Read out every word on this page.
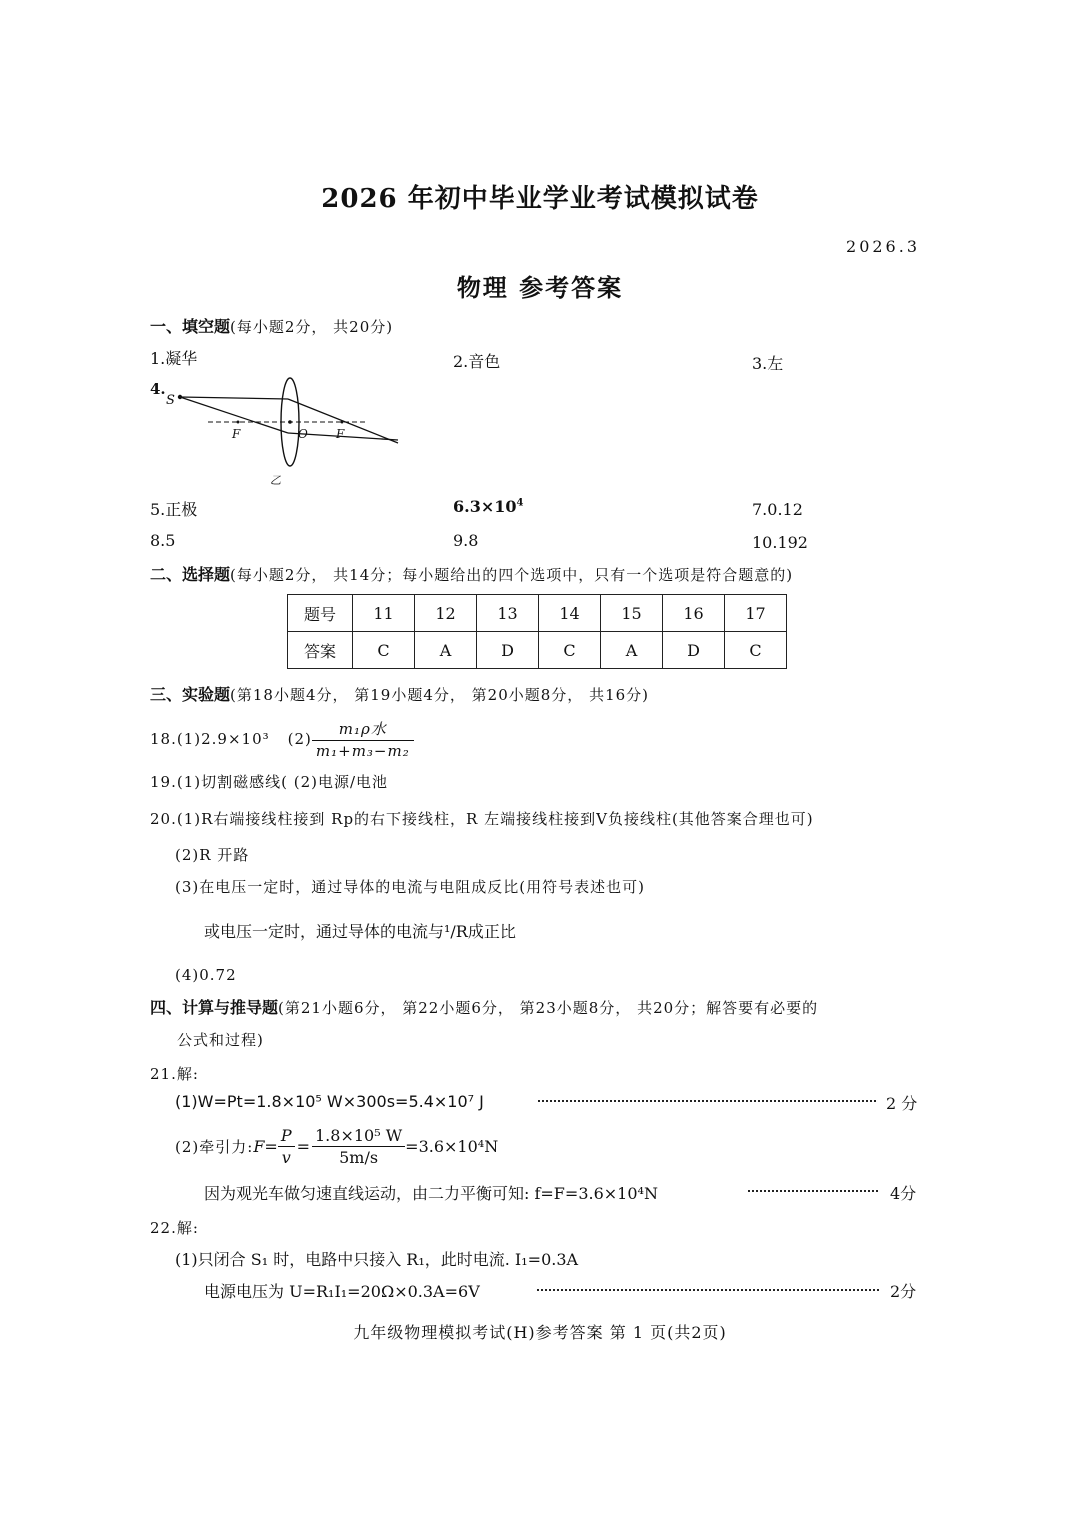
2026 年初中毕业学业考试模拟试卷
2026.3
物理 参考答案
一、填空题(每小题2分， 共20分)
1.凝华	2.音色	3.左
4.
S
F	O F
乙
5.正极	$6.3\times 10^4$	7.0.12
8.5	9.8	10.192
二、选择题(每小题2分， 共14分；每小题给出的四个选项中，只有一个选项是符合题意的)
题号	11	12	13	14	15	16	17
答案	C	A	D	C	A	D	C
三、实验题(第18小题4分， 第19小题4分， 第20小题8分， 共16分)
18.(1)2.9×10³ $(2) \frac{\text{m₁ρ水}}{\text{m₁+m₃−m₂}}$
19.(1)切割磁感线( (2)电源/电池
20.(1)R右端接线柱接到 Rp的右下接线柱，R 左端接线柱接到V负接线柱(其他答案合理也可)
(2)R 开路
(3)在电压一定时，通过导体的电流与电阻成反比(用符号表述也可)
或电压一定时，通过导体的电流与¹/R成正比
(4)0.72
四、计算与推导题(第21小题6分， 第22小题6分， 第23小题8分， 共20分；解答要有必要的
公式和过程)
21.解:
(1)W=Pt=1.8×10⁵ W×300s=5.4×10⁷ J	2 分
(2)牵引力: $F= \frac{P}{v} = \frac{\text{1.8×10⁵ W}}{5m/s} =3.6\times 10^4N$
因为观光车做匀速直线运动，由二力平衡可知: f=F=3.6×10⁴N	4分
22.解:
(1)只闭合 S₁ 时，电路中只接入 R₁，此时电流. I₁=0.3A
电源电压为 U=R₁I₁=20Ω×0.3A=6V	2分
九年级物理模拟考试(H)参考答案 第 1 页(共2页)
